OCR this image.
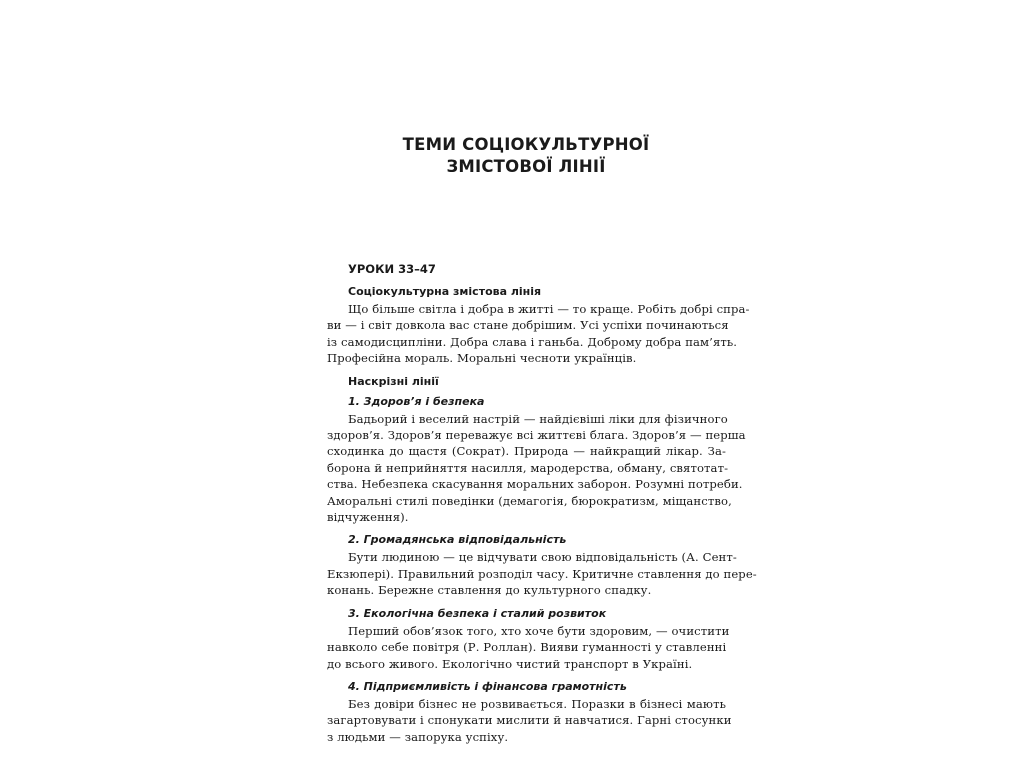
ТЕМИ СОЦІОКУЛЬТУРНОЇ
ЗМІСТОВОЇ ЛІНІЇ
УРОКИ 33–47
Соціокультурна змістова лінія
Що більше світла і добра в житті — то краще. Робіть добрі спра-
ви — і світ довкола вас стане добрішим. Усі успіхи починаються
із самодисципліни. Добра слава і ганьба. Доброму добра пам’ять.
Професійна мораль. Моральні чесноти українців.
Наскрізні лінії
1. Здоров’я і безпека
Бадьорий і веселий настрій — найдієвіші ліки для фізичного
здоров’я. Здоров’я переважує всі життєві блага. Здоров’я — перша
сходинка до щастя (Сократ). Природа — найкращий лікар. За-
борона й неприйняття насилля, мародерства, обману, святотат-
ства. Небезпека скасування моральних заборон. Розумні потреби.
Аморальні стилі поведінки (демагогія, бюрократизм, міщанство,
відчуження).
2. Громадянська відповідальність
Бути людиною — це відчувати свою відповідальність (А. Сент-
Екзюпері). Правильний розподіл часу. Критичне ставлення до пере-
конань. Бережне ставлення до культурного спадку.
3. Екологічна безпека і сталий розвиток
Перший обов’язок того, хто хоче бути здоровим, — очистити
навколо себе повітря (Р. Роллан). Вияви гуманності у ставленні
до всього живого. Екологічно чистий транспорт в Україні.
4. Підприємливість і фінансова грамотність
Без довіри бізнес не розвивається. Поразки в бізнесі мають
загартовувати і спонукати мислити й навчатися. Гарні стосунки
з людьми — запорука успіху.
